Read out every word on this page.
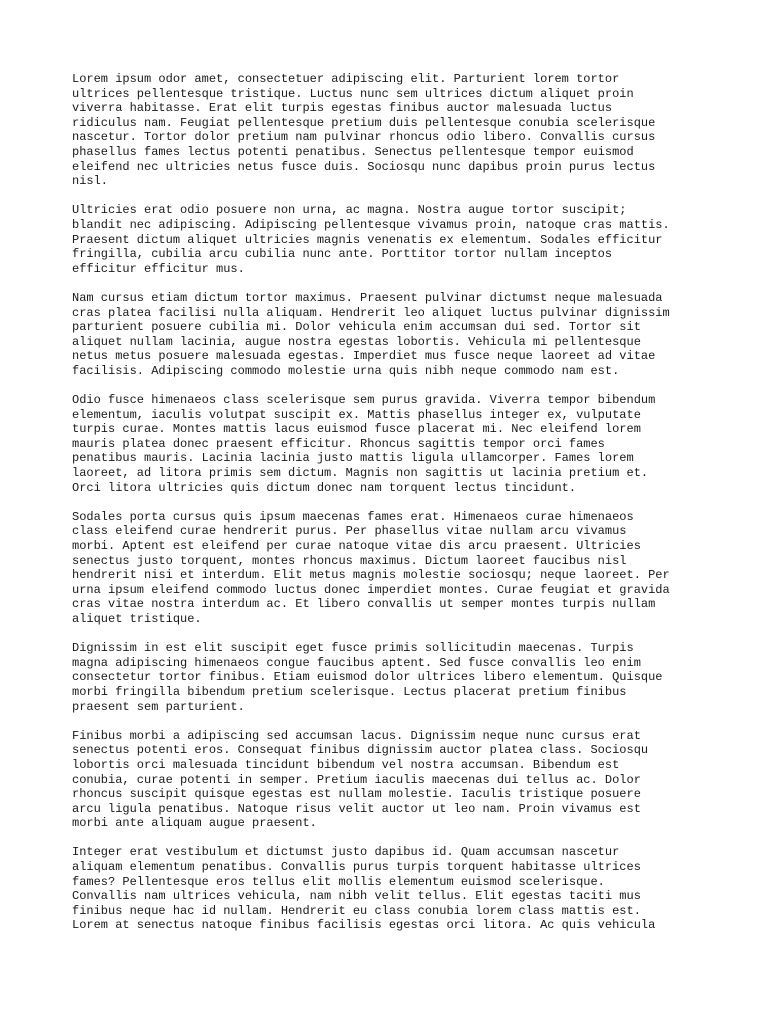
Lorem ipsum odor amet, consectetuer adipiscing elit. Parturient lorem tortor
ultrices pellentesque tristique. Luctus nunc sem ultrices dictum aliquet proin
viverra habitasse. Erat elit turpis egestas finibus auctor malesuada luctus
ridiculus nam. Feugiat pellentesque pretium duis pellentesque conubia scelerisque
nascetur. Tortor dolor pretium nam pulvinar rhoncus odio libero. Convallis cursus
phasellus fames lectus potenti penatibus. Senectus pellentesque tempor euismod
eleifend nec ultricies netus fusce duis. Sociosqu nunc dapibus proin purus lectus
nisl.

Ultricies erat odio posuere non urna, ac magna. Nostra augue tortor suscipit;
blandit nec adipiscing. Adipiscing pellentesque vivamus proin, natoque cras mattis.
Praesent dictum aliquet ultricies magnis venenatis ex elementum. Sodales efficitur
fringilla, cubilia arcu cubilia nunc ante. Porttitor tortor nullam inceptos
efficitur efficitur mus.

Nam cursus etiam dictum tortor maximus. Praesent pulvinar dictumst neque malesuada
cras platea facilisi nulla aliquam. Hendrerit leo aliquet luctus pulvinar dignissim
parturient posuere cubilia mi. Dolor vehicula enim accumsan dui sed. Tortor sit
aliquet nullam lacinia, augue nostra egestas lobortis. Vehicula mi pellentesque
netus metus posuere malesuada egestas. Imperdiet mus fusce neque laoreet ad vitae
facilisis. Adipiscing commodo molestie urna quis nibh neque commodo nam est.

Odio fusce himenaeos class scelerisque sem purus gravida. Viverra tempor bibendum
elementum, iaculis volutpat suscipit ex. Mattis phasellus integer ex, vulputate
turpis curae. Montes mattis lacus euismod fusce placerat mi. Nec eleifend lorem
mauris platea donec praesent efficitur. Rhoncus sagittis tempor orci fames
penatibus mauris. Lacinia lacinia justo mattis ligula ullamcorper. Fames lorem
laoreet, ad litora primis sem dictum. Magnis non sagittis ut lacinia pretium et.
Orci litora ultricies quis dictum donec nam torquent lectus tincidunt.

Sodales porta cursus quis ipsum maecenas fames erat. Himenaeos curae himenaeos
class eleifend curae hendrerit purus. Per phasellus vitae nullam arcu vivamus
morbi. Aptent est eleifend per curae natoque vitae dis arcu praesent. Ultricies
senectus justo torquent, montes rhoncus maximus. Dictum laoreet faucibus nisl
hendrerit nisi et interdum. Elit metus magnis molestie sociosqu; neque laoreet. Per
urna ipsum eleifend commodo luctus donec imperdiet montes. Curae feugiat et gravida
cras vitae nostra interdum ac. Et libero convallis ut semper montes turpis nullam
aliquet tristique.

Dignissim in est elit suscipit eget fusce primis sollicitudin maecenas. Turpis
magna adipiscing himenaeos congue faucibus aptent. Sed fusce convallis leo enim
consectetur tortor finibus. Etiam euismod dolor ultrices libero elementum. Quisque
morbi fringilla bibendum pretium scelerisque. Lectus placerat pretium finibus
praesent sem parturient.

Finibus morbi a adipiscing sed accumsan lacus. Dignissim neque nunc cursus erat
senectus potenti eros. Consequat finibus dignissim auctor platea class. Sociosqu
lobortis orci malesuada tincidunt bibendum vel nostra accumsan. Bibendum est
conubia, curae potenti in semper. Pretium iaculis maecenas dui tellus ac. Dolor
rhoncus suscipit quisque egestas est nullam molestie. Iaculis tristique posuere
arcu ligula penatibus. Natoque risus velit auctor ut leo nam. Proin vivamus est
morbi ante aliquam augue praesent.

Integer erat vestibulum et dictumst justo dapibus id. Quam accumsan nascetur
aliquam elementum penatibus. Convallis purus turpis torquent habitasse ultrices
fames? Pellentesque eros tellus elit mollis elementum euismod scelerisque.
Convallis nam ultrices vehicula, nam nibh velit tellus. Elit egestas taciti mus
finibus neque hac id nullam. Hendrerit eu class conubia lorem class mattis est.
Lorem at senectus natoque finibus facilisis egestas orci litora. Ac quis vehicula
